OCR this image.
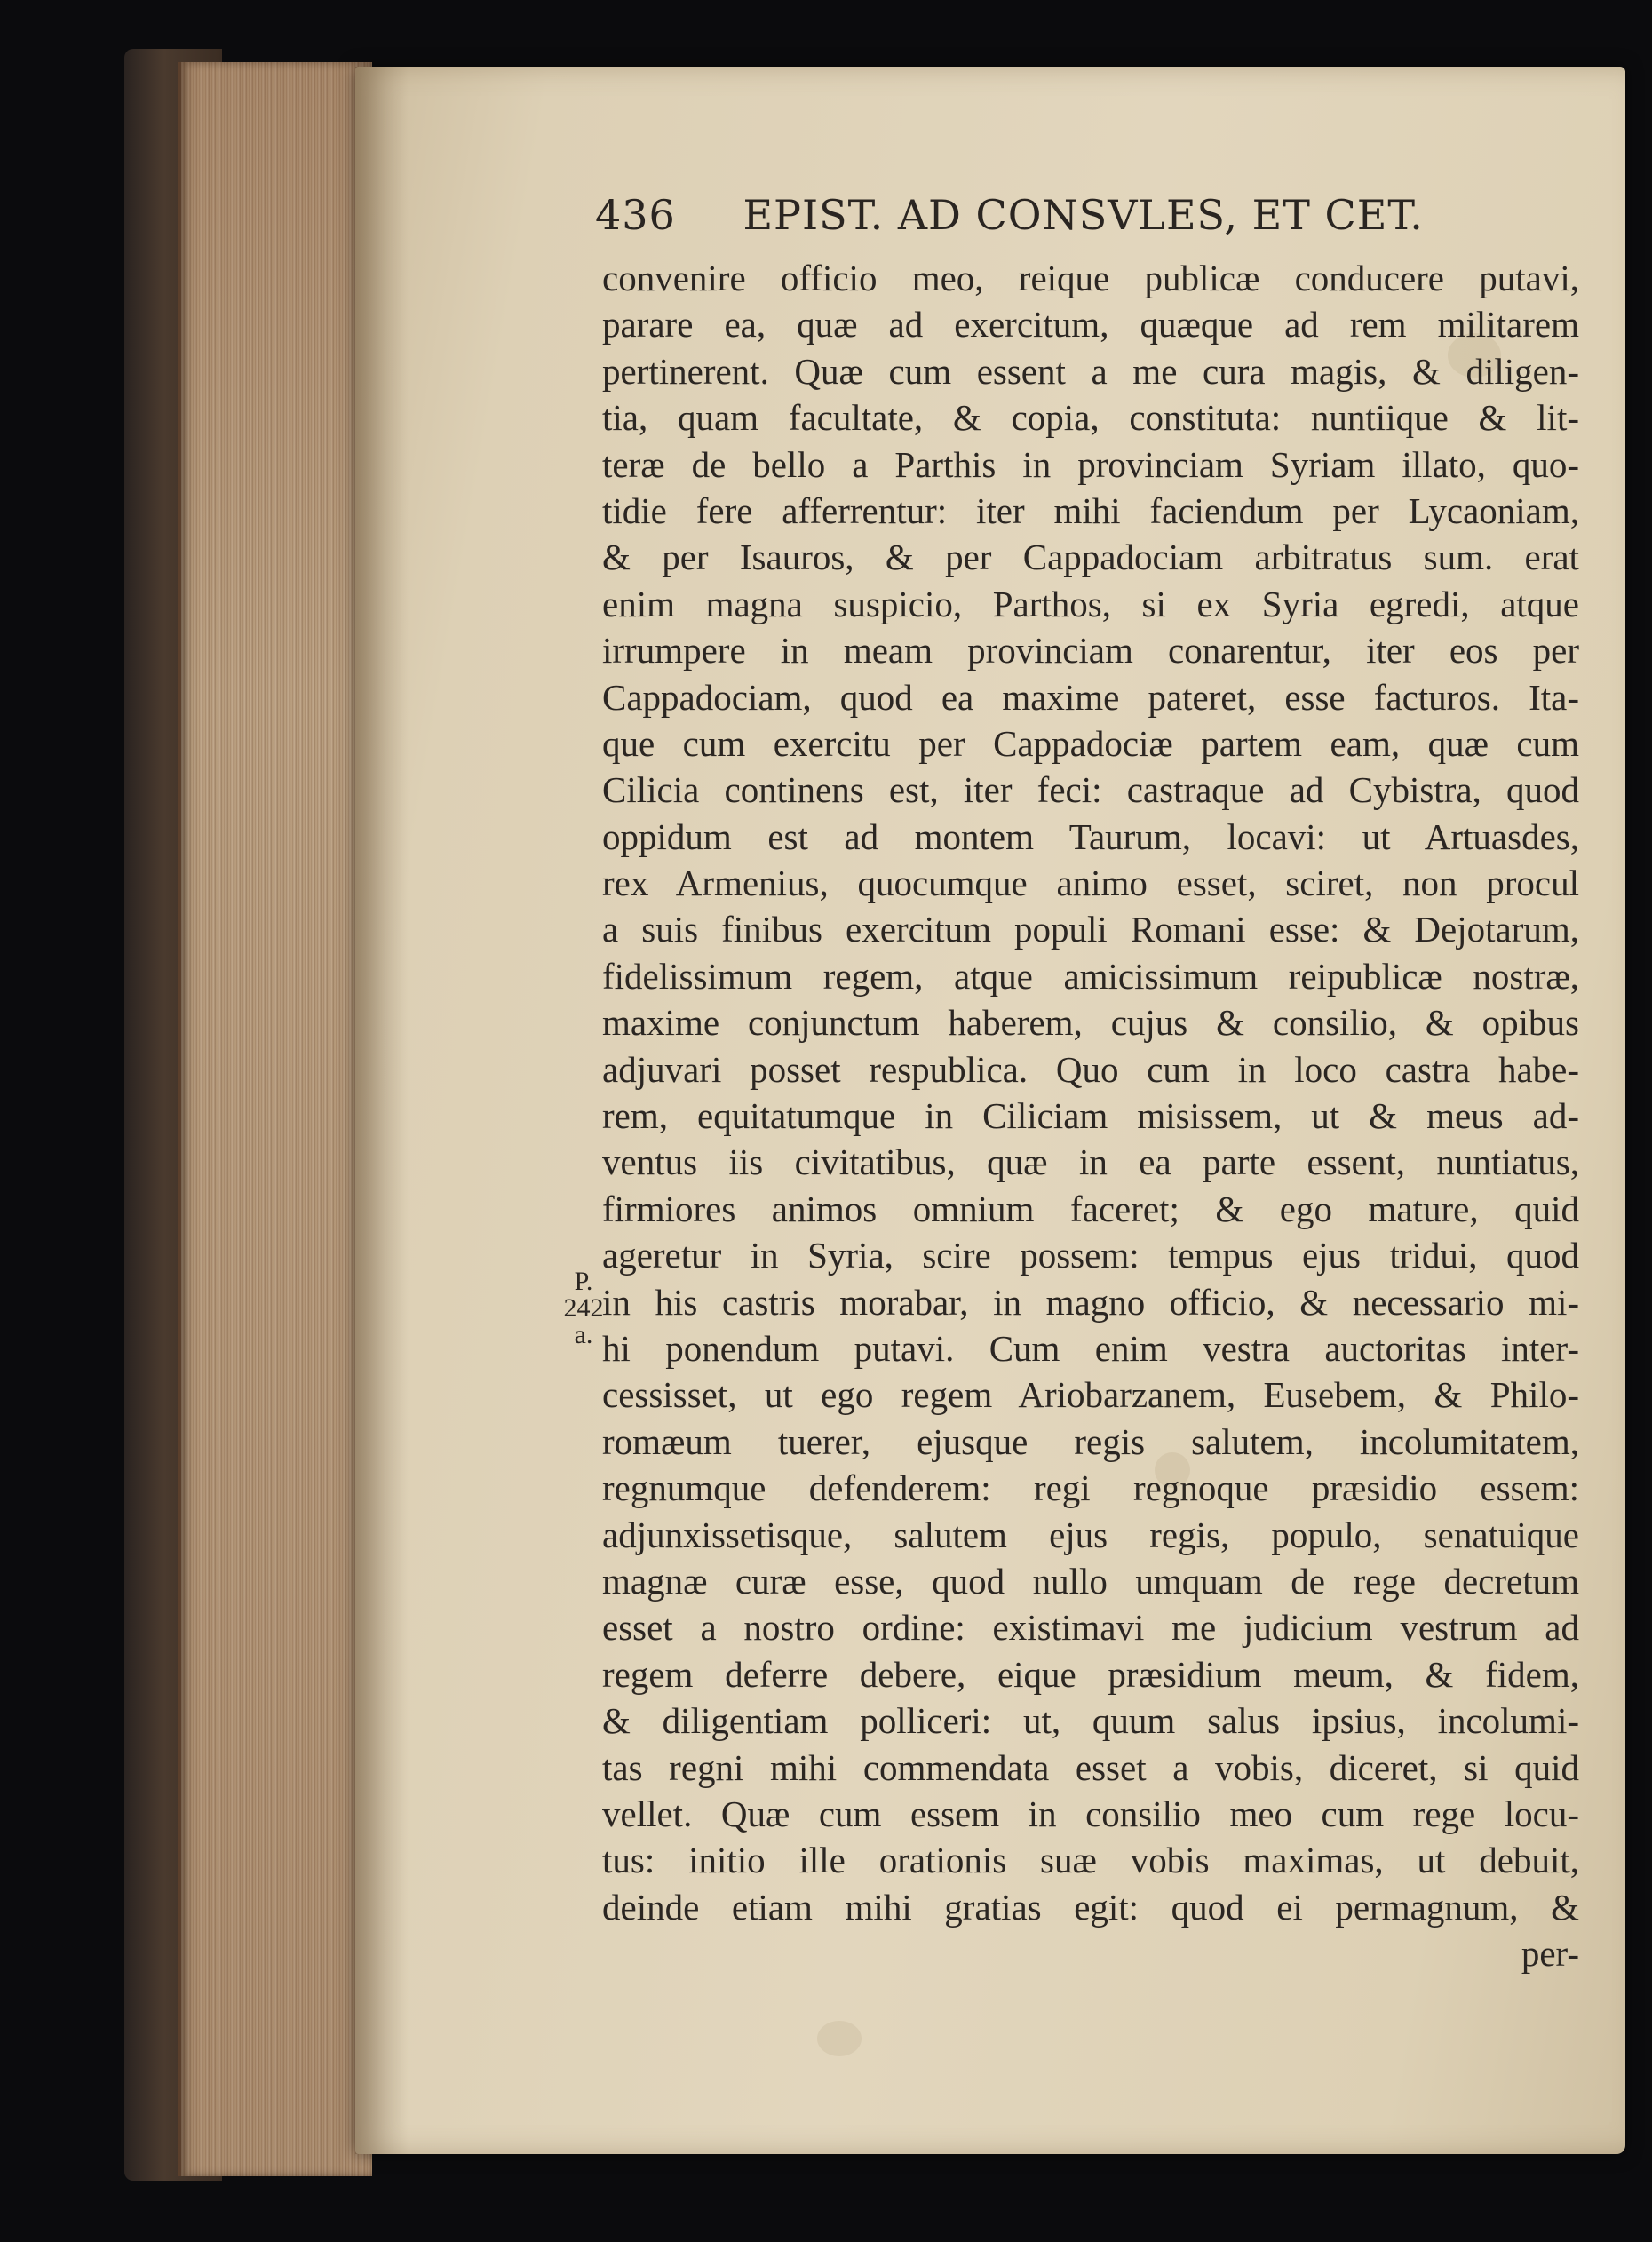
436 EPIST. AD CONSVLES, ET CET.
P.
242
a.
convenire officio meo, reique publicæ conducere putavi,
parare ea, quæ ad exercitum, quæque ad rem militarem
pertinerent. Quæ cum essent a me cura magis, & diligen-
tia, quam facultate, & copia, constituta: nuntiique & lit-
teræ de bello a Parthis in provinciam Syriam illato, quo-
tidie fere afferrentur: iter mihi faciendum per Lycaoniam,
& per Isauros, & per Cappadociam arbitratus sum. erat
enim magna suspicio, Parthos, si ex Syria egredi, atque
irrumpere in meam provinciam conarentur, iter eos per
Cappadociam, quod ea maxime pateret, esse facturos. Ita-
que cum exercitu per Cappadociæ partem eam, quæ cum
Cilicia continens est, iter feci: castraque ad Cybistra, quod
oppidum est ad montem Taurum, locavi: ut Artuasdes,
rex Armenius, quocumque animo esset, sciret, non procul
a suis finibus exercitum populi Romani esse: & Dejotarum,
fidelissimum regem, atque amicissimum reipublicæ nostræ,
maxime conjunctum haberem, cujus & consilio, & opibus
adjuvari posset respublica. Quo cum in loco castra habe-
rem, equitatumque in Ciliciam misissem, ut & meus ad-
ventus iis civitatibus, quæ in ea parte essent, nuntiatus,
firmiores animos omnium faceret; & ego mature, quid
ageretur in Syria, scire possem: tempus ejus tridui, quod
in his castris morabar, in magno officio, & necessario mi-
hi ponendum putavi. Cum enim vestra auctoritas inter-
cessisset, ut ego regem Ariobarzanem, Eusebem, & Philo-
romæum tuerer, ejusque regis salutem, incolumitatem,
regnumque defenderem: regi regnoque præsidio essem:
adjunxissetisque, salutem ejus regis, populo, senatuique
magnæ curæ esse, quod nullo umquam de rege decretum
esset a nostro ordine: existimavi me judicium vestrum ad
regem deferre debere, eique præsidium meum, & fidem,
& diligentiam polliceri: ut, quum salus ipsius, incolumi-
tas regni mihi commendata esset a vobis, diceret, si quid
vellet. Quæ cum essem in consilio meo cum rege locu-
tus: initio ille orationis suæ vobis maximas, ut debuit,
deinde etiam mihi gratias egit: quod ei permagnum, &
per-
